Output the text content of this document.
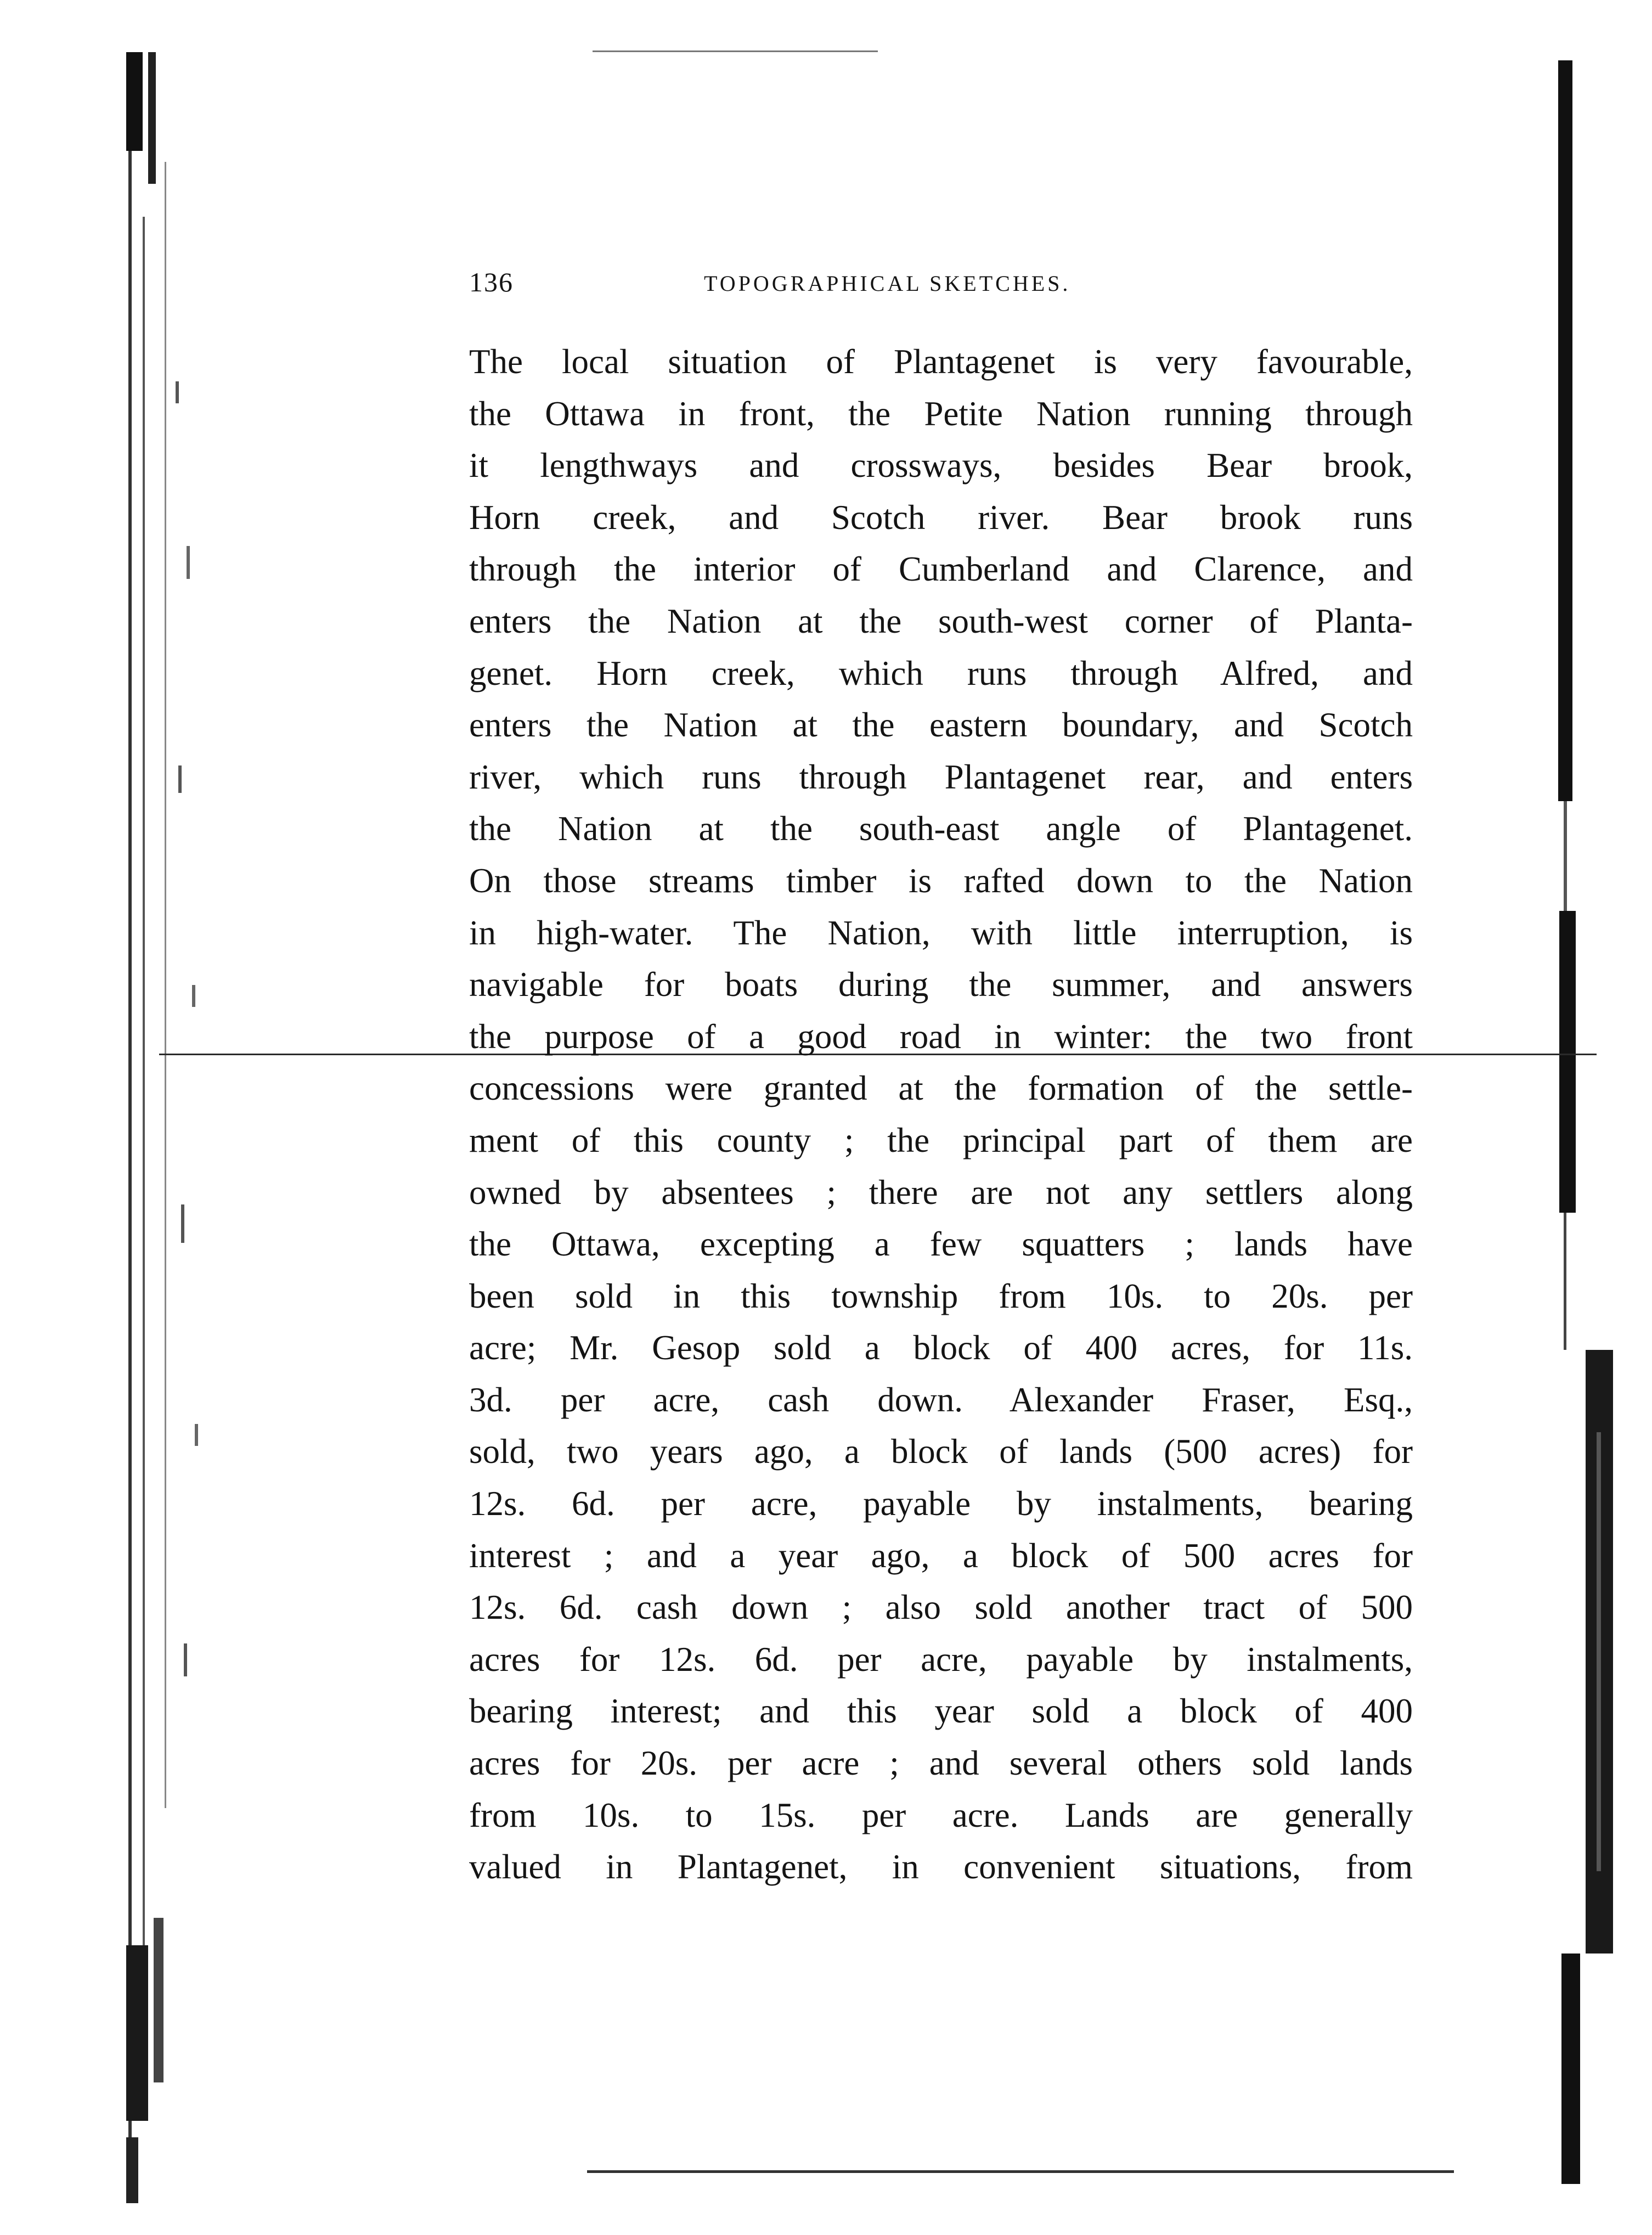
136	TOPOGRAPHICAL SKETCHES.
The local situation of Plantagenet is very favourable,
the Ottawa in front, the Petite Nation running through
it lengthways and crossways, besides Bear brook,
Horn creek, and Scotch river. Bear brook runs
through the interior of Cumberland and Clarence, and
enters the Nation at the south-west corner of Planta-
genet. Horn creek, which runs through Alfred, and
enters the Nation at the eastern boundary, and Scotch
river, which runs through Plantagenet rear, and enters
the Nation at the south-east angle of Plantagenet.
On those streams timber is rafted down to the Nation
in high-water. The Nation, with little interruption, is
navigable for boats during the summer, and answers
the purpose of a good road in winter: the two front
concessions were granted at the formation of the settle-
ment of this county ; the principal part of them are
owned by absentees ; there are not any settlers along
the Ottawa, excepting a few squatters ; lands have
been sold in this township from 10s. to 20s. per
acre; Mr. Gesop sold a block of 400 acres, for 11s.
3d. per acre, cash down. Alexander Fraser, Esq.,
sold, two years ago, a block of lands (500 acres) for
12s. 6d. per acre, payable by instalments, bearing
interest ; and a year ago, a block of 500 acres for
12s. 6d. cash down ; also sold another tract of 500
acres for 12s. 6d. per acre, payable by instalments,
bearing interest; and this year sold a block of 400
acres for 20s. per acre ; and several others sold lands
from 10s. to 15s. per acre. Lands are generally
valued in Plantagenet, in convenient situations, from
